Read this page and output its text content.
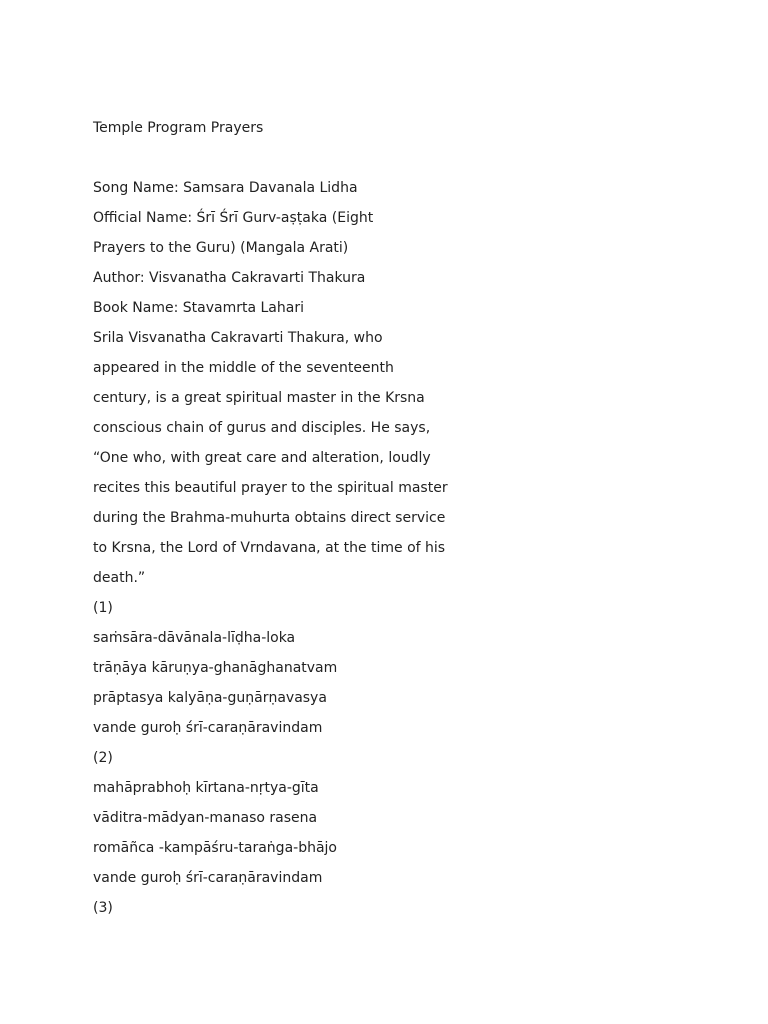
Temple Program Prayers
Song Name: Samsara Davanala Lidha
Official Name: Śrī Śrī Gurv-aṣṭaka (Eight
Prayers to the Guru) (Mangala Arati)
Author: Visvanatha Cakravarti Thakura
Book Name: Stavamrta Lahari
Srila Visvanatha Cakravarti Thakura, who
appeared in the middle of the seventeenth
century, is a great spiritual master in the Krsna
conscious chain of gurus and disciples. He says,
“One who, with great care and alteration, loudly
recites this beautiful prayer to the spiritual master
during the Brahma-muhurta obtains direct service
to Krsna, the Lord of Vrndavana, at the time of his
death.”
(1)
saṁsāra-dāvānala-līḍha-loka
trāṇāya kāruṇya-ghanāghanatvam
prāptasya kalyāṇa-guṇārṇavasya
vande guroḥ śrī-caraṇāravindam
(2)
mahāprabhoḥ kīrtana-nṛtya-gīta
vāditra-mādyan-manaso rasena
romāñca -kampāśru-taraṅga-bhājo
vande guroḥ śrī-caraṇāravindam
(3)
